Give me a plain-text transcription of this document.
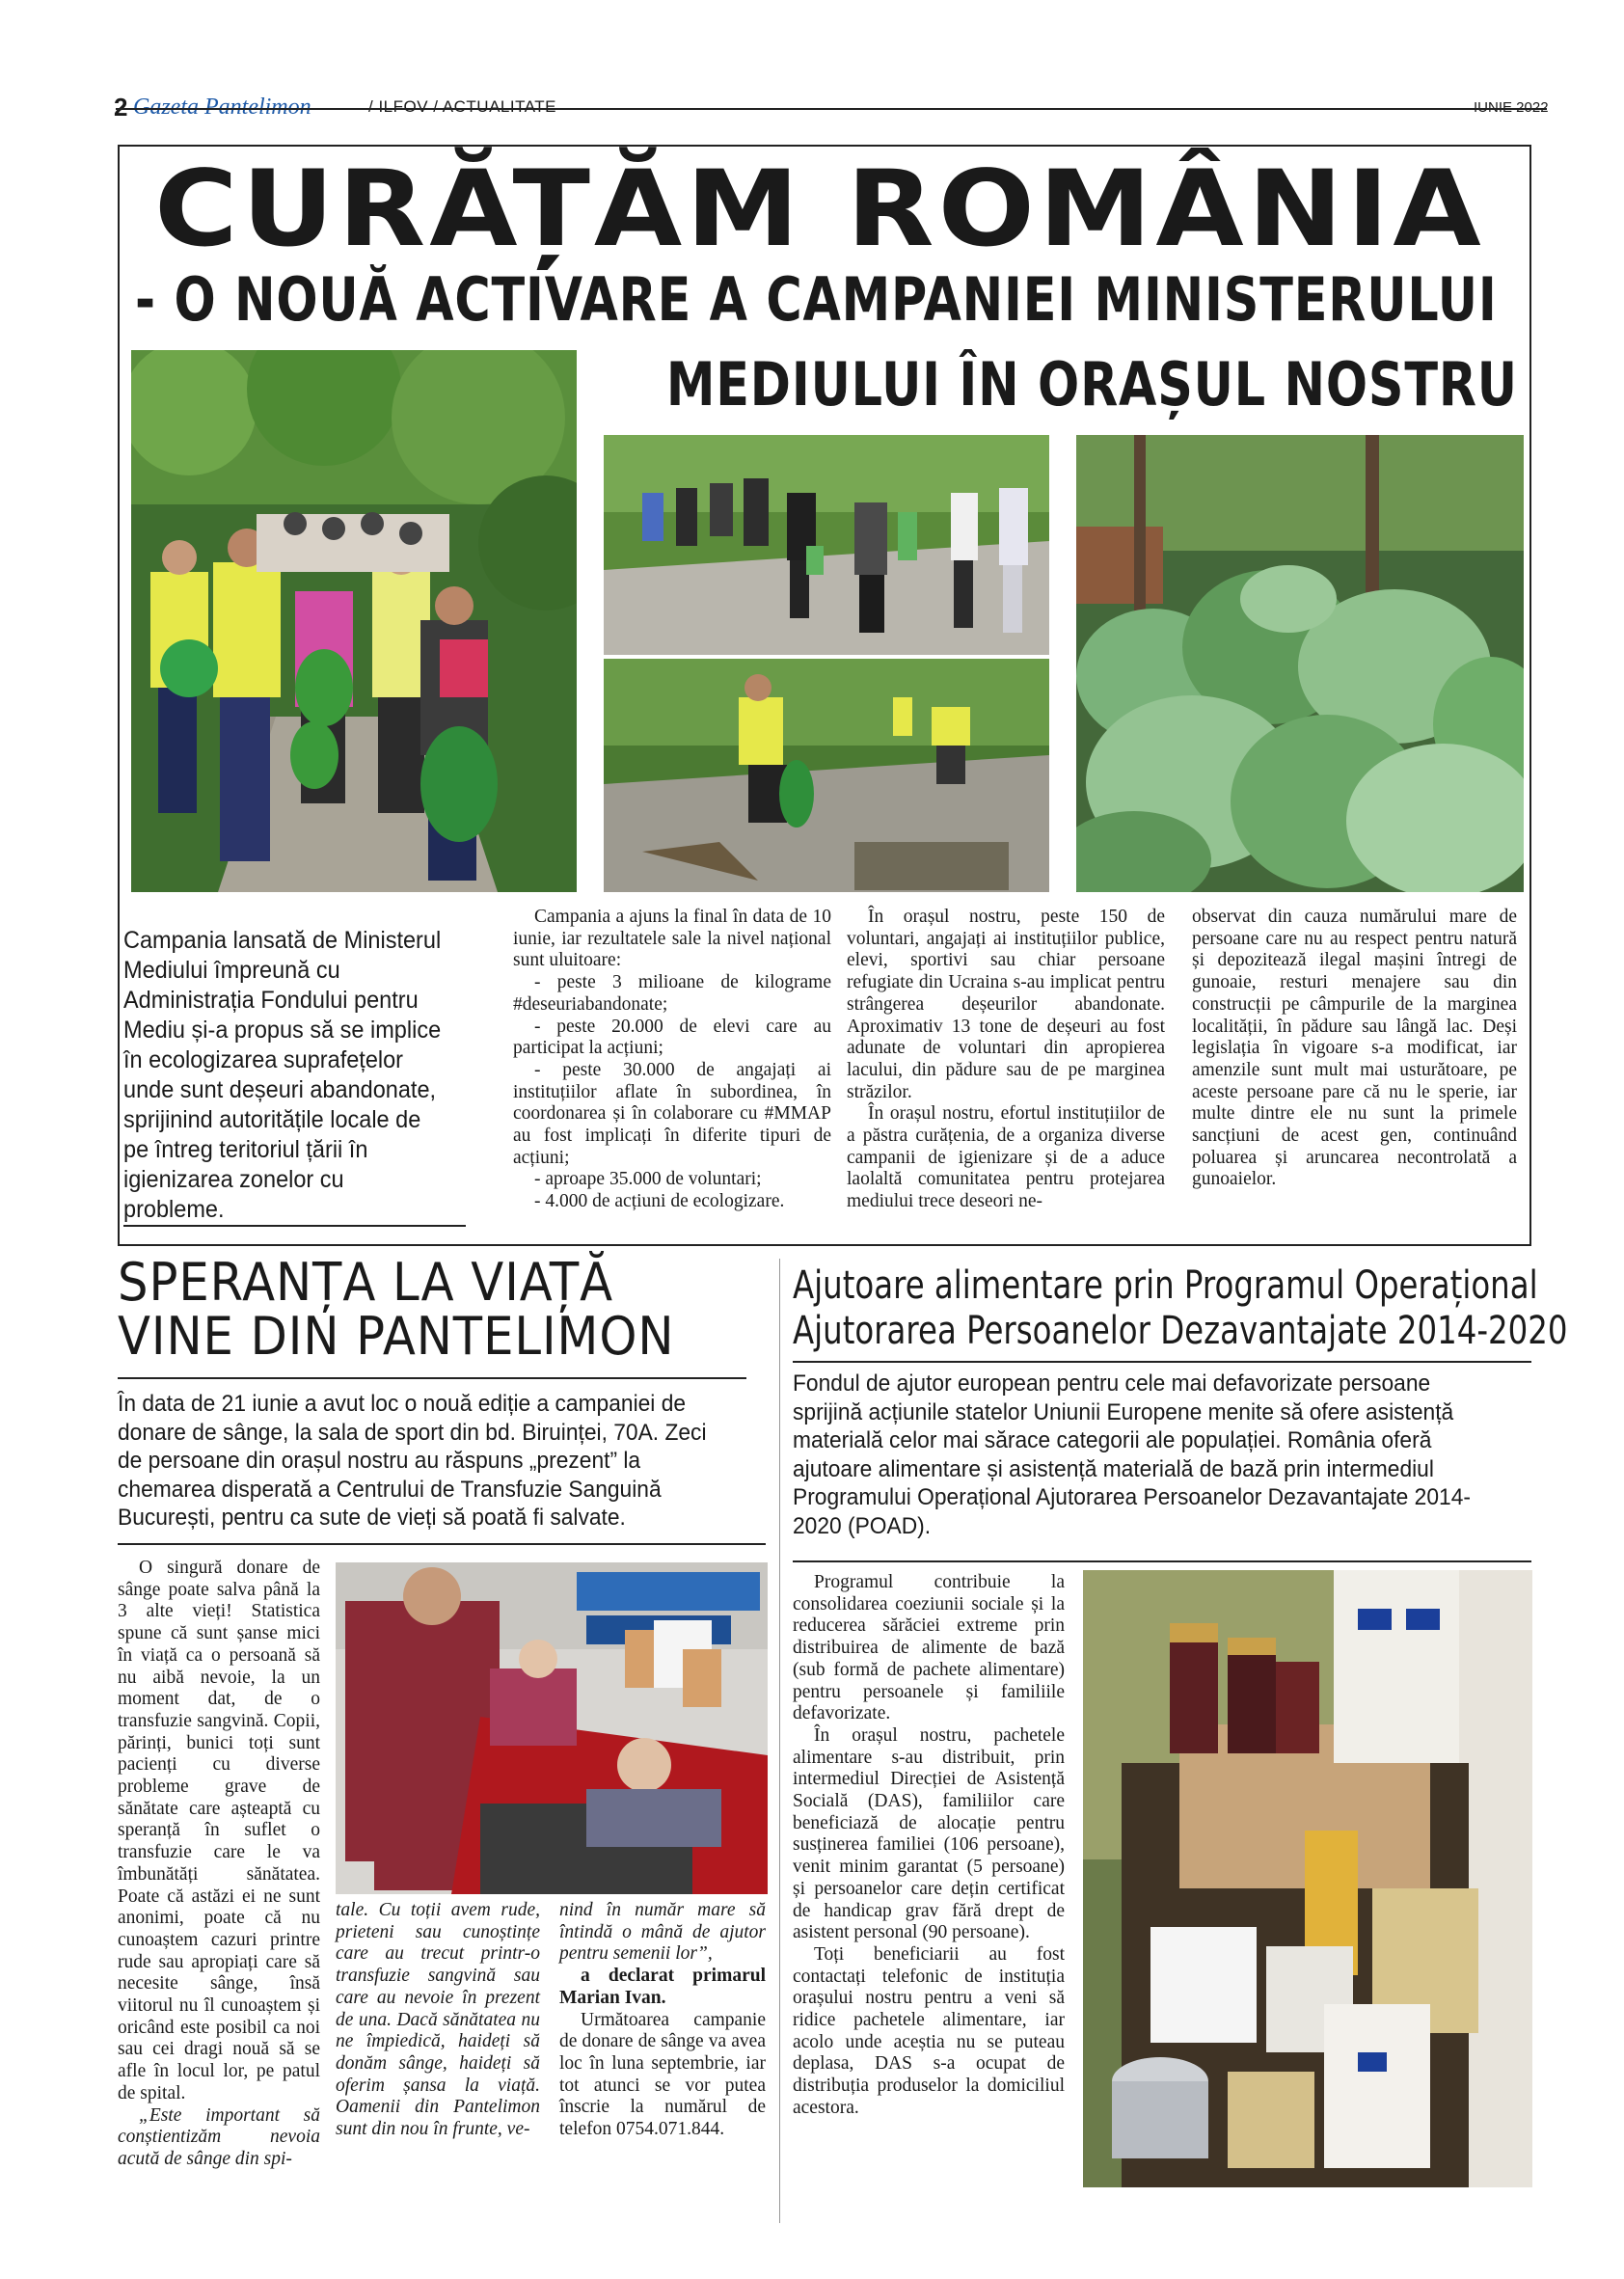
2 Gazeta Pantelimon	/ ILFOV / ACTUALITATE	IUNIE 2022
CURĂȚĂM ROMÂNIA
- O NOUĂ ACTIVARE A CAMPANIEI MINISTERULUI
MEDIULUI ÎN ORAȘUL NOSTRU
Campania lansată de Ministerul Mediului împreună cu Administrația Fondului pentru Mediu și-a propus să se implice în ecologizarea suprafețelor unde sunt deșeuri abandonate, sprijinind autoritățile locale de pe întreg teritoriul țării în igienizarea zonelor cu probleme.

Campania a ajuns la final în data de 10 iunie, iar rezultatele sale la nivel național sunt uluitoare:

- peste 3 milioane de kilograme #deseuriabandonate;

- peste 20.000 de elevi care au participat la acțiuni;

- peste 30.000 de angajați ai instituțiilor aflate în subordinea, în coordonarea și în colaborare cu #MMAP au fost implicați în diferite tipuri de acțiuni;

- aproape 35.000 de voluntari;

- 4.000 de acțiuni de ecologizare.

În orașul nostru, peste 150 de voluntari, angajați ai instituțiilor publice, elevi, sportivi sau chiar persoane refugiate din Ucraina s-au implicat pentru strângerea deșeurilor abandonate. Aproximativ 13 tone de deșeuri au fost adunate de voluntari din apropierea lacului, din pădure sau de pe marginea străzilor.

În orașul nostru, efortul instituțiilor de a păstra curățenia, de a organiza diverse campanii de igienizare și de a aduce laolaltă comunitatea pentru protejarea mediului trece deseori ne-

observat din cauza numărului mare de persoane care nu au respect pentru natură și depozitează ilegal mașini întregi de gunoaie, resturi menajere sau din construcții pe câmpurile de la marginea localității, în pădure sau lângă lac. Deși legislația în vigoare s-a modificat, iar amenzile sunt mult mai usturătoare, pe aceste persoane pare că nu le sperie, iar multe dintre ele nu sunt la primele sancțiuni de acest gen, continuând poluarea și aruncarea necontrolată a gunoaielor.

SPERANȚA LA VIAȚĂ
VINE DIN PANTELIMON
În data de 21 iunie a avut loc o nouă ediție a campaniei de donare de sânge, la sala de sport din bd. Biruinței, 70A. Zeci de persoane din orașul nostru au răspuns „prezent” la chemarea disperată a Centrului de Transfuzie Sanguină București, pentru ca sute de vieți să poată fi salvate.

O singură donare de sânge poate salva până la 3 alte vieți! Statistica spune că sunt șanse mici în viață ca o persoană să nu aibă nevoie, la un moment dat, de o transfuzie sangvină. Copii, părinți, bunici toți sunt pacienți cu diverse probleme grave de sănătate care așteaptă cu speranță în suflet o transfuzie care le va îmbunătăți sănătatea. Poate că astăzi ei ne sunt anonimi, poate că nu cunoaștem cazuri printre rude sau apropiați care să necesite sânge, însă viitorul nu îl cunoaștem și oricând este posibil ca noi sau cei dragi nouă să se afle în locul lor, pe patul de spital.

„Este important să conștientizăm nevoia acută de sânge din spi-

tale. Cu toții avem rude, prieteni sau cunoștințe care au trecut printr-o transfuzie sangvină sau care au nevoie în prezent de una. Dacă sănătatea nu ne împiedică, haideți să donăm sânge, haideți să oferim șansa la viață. Oamenii din Pantelimon sunt din nou în frunte, ve-

nind în număr mare să întindă o mână de ajutor pentru semenii lor”,

a declarat primarul Marian Ivan.

Următoarea campanie de donare de sânge va avea loc în luna septembrie, iar tot atunci se vor putea înscrie la numărul de telefon 0754.071.844.

Ajutoare alimentare prin Programul Operațional
Ajutorarea Persoanelor Dezavantajate 2014-2020
Fondul de ajutor european pentru cele mai defavorizate persoane sprijină acțiunile statelor Uniunii Europene menite să ofere asistență materială celor mai sărace categorii ale populației. România oferă ajutoare alimentare și asistență materială de bază prin intermediul Programului Operațional Ajutorarea Persoanelor Dezavantajate 2014-2020 (POAD).

Programul contribuie la consolidarea coeziunii sociale și la reducerea sărăciei extreme prin distribuirea de alimente de bază (sub formă de pachete alimentare) pentru persoanele și familiile defavorizate.

În orașul nostru, pachetele alimentare s-au distribuit, prin intermediul Direcției de Asistență Socială (DAS), familiilor care beneficiază de alocație pentru susținerea familiei (106 persoane), venit minim garantat (5 persoane) și persoanelor care dețin certificat de handicap grav fără drept de asistent personal (90 persoane).

Toți beneficiarii au fost contactați telefonic de instituția orașului nostru pentru a veni să ridice pachetele alimentare, iar acolo unde aceștia nu se puteau deplasa, DAS s-a ocupat de distribuția produselor la domiciliul acestora.
